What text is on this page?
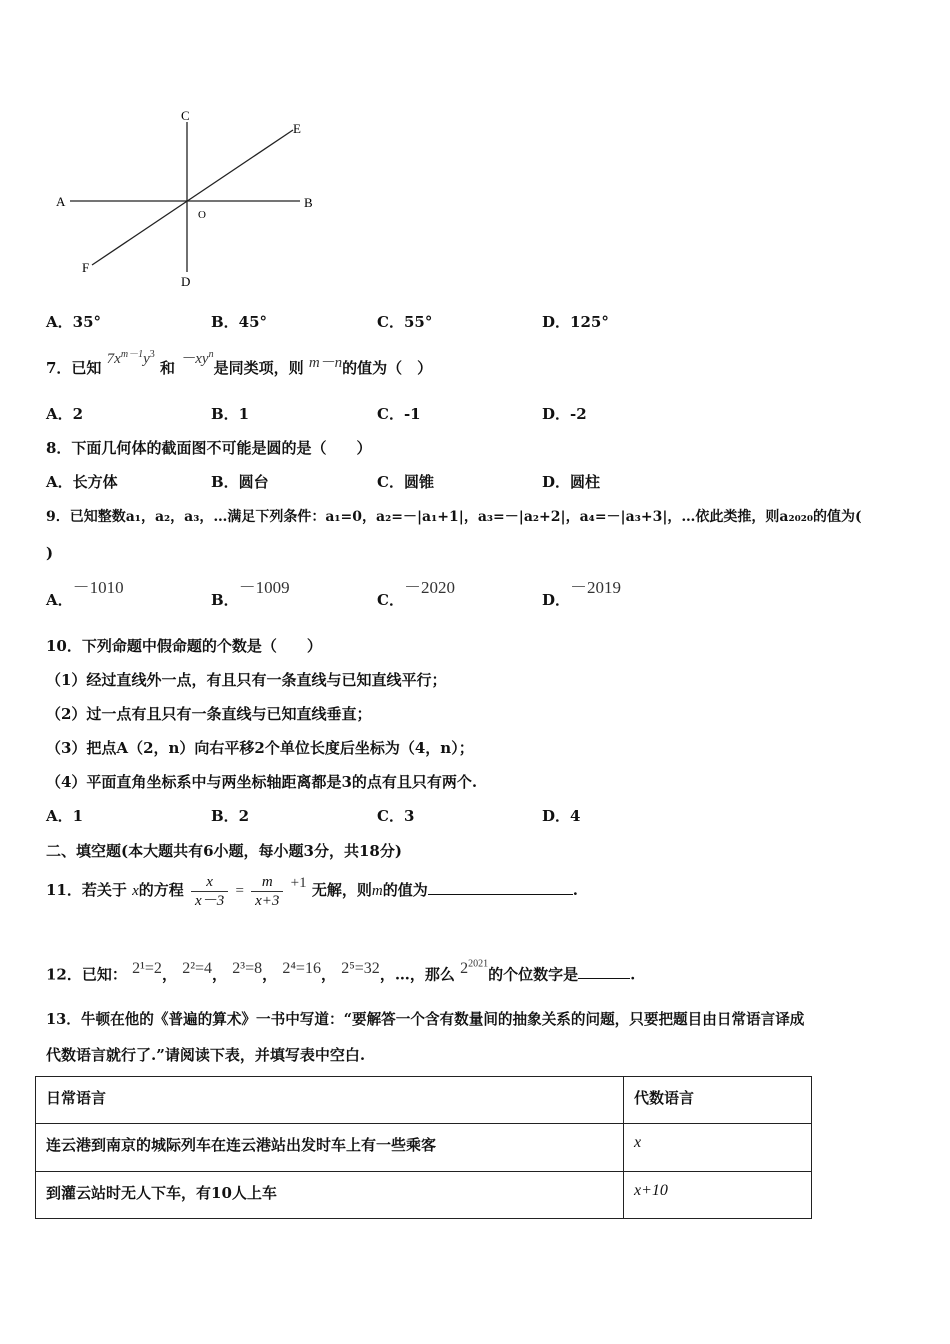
C
E
A	B
O
F
D
A．35°	B．45°	C．55°	D．125°
7．已知 $7x^{m-1}y^3$ 和 $-xy^n$是同类项，则 m－n的值为（　）
A．2	B．1	C．-1	D．-2
8．下面几何体的截面图不可能是圆的是（　　）
A．长方体	B．圆台	C．圆锥	D．圆柱
9．已知整数a₁，a₂，a₃，…满足下列条件：a₁=0，a₂=－|a₁+1|，a₃=－|a₂+2|，a₄=－|a₃+3|，…依此类推，则a₂₀₂₀的值为(
)
A．－1010
B．－1009
C．－2020
D．－2019
10．下列命题中假命题的个数是（　　）
（1）经过直线外一点，有且只有一条直线与已知直线平行；
（2）过一点有且只有一条直线与已知直线垂直；
（3）把点A（2，n）向右平移2个单位长度后坐标为（4，n）；
（4）平面直角坐标系中与两坐标轴距离都是3的点有且只有两个.
A．1	B．2	C．3	D．4
二、填空题(本大题共有6小题，每小题3分，共18分)
11．若关于 x的方程 $\frac{x}{x-3} = \frac{m}{x+3} +1$ 无解，则m的值为	.
12．已知： 2¹=2， 2²=4， 2³=8， 2⁴=16， 2⁵=32，…，那么 $2^{2021}$的个位数字是	.
13．牛顿在他的《普遍的算术》一书中写道：“要解答一个含有数量间的抽象关系的问题，只要把题目由日常语言译成
代数语言就行了.”请阅读下表，并填写表中空白.
日常语言	代数语言
连云港到南京的城际列车在连云港站出发时车上有一些乘客	x
到灌云站时无人下车，有10人上车	x+10
